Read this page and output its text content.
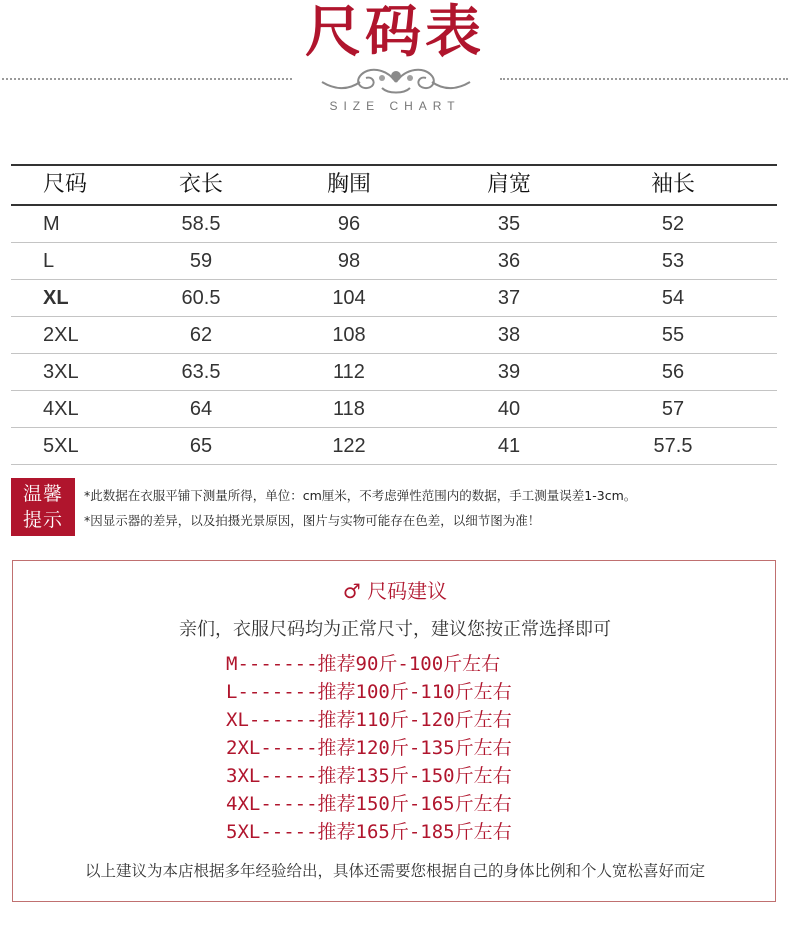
尺码表
SIZE CHART
尺码	衣长	胸围	肩宽	袖长
M	58.5	96	35	52
L	59	98	36	53
XL	60.5	104	37	54
2XL	62	108	38	55
3XL	63.5	112	39	56
4XL	64	118	40	57
5XL	65	122	41	57.5
温馨
提示
*此数据在衣服平铺下测量所得，单位：cm厘米，不考虑弹性范围内的数据，手工测量误差1-3cm。
*因显示器的差异，以及拍摄光景原因，图片与实物可能存在色差，以细节图为准！
♂ 尺码建议
亲们，衣服尺码均为正常尺寸，建议您按正常选择即可
M-------推荐90斤-100斤左右
L-------推荐100斤-110斤左右
XL------推荐110斤-120斤左右
2XL-----推荐120斤-135斤左右
3XL-----推荐135斤-150斤左右
4XL-----推荐150斤-165斤左右
5XL-----推荐165斤-185斤左右
以上建议为本店根据多年经验给出，具体还需要您根据自己的身体比例和个人宽松喜好而定
